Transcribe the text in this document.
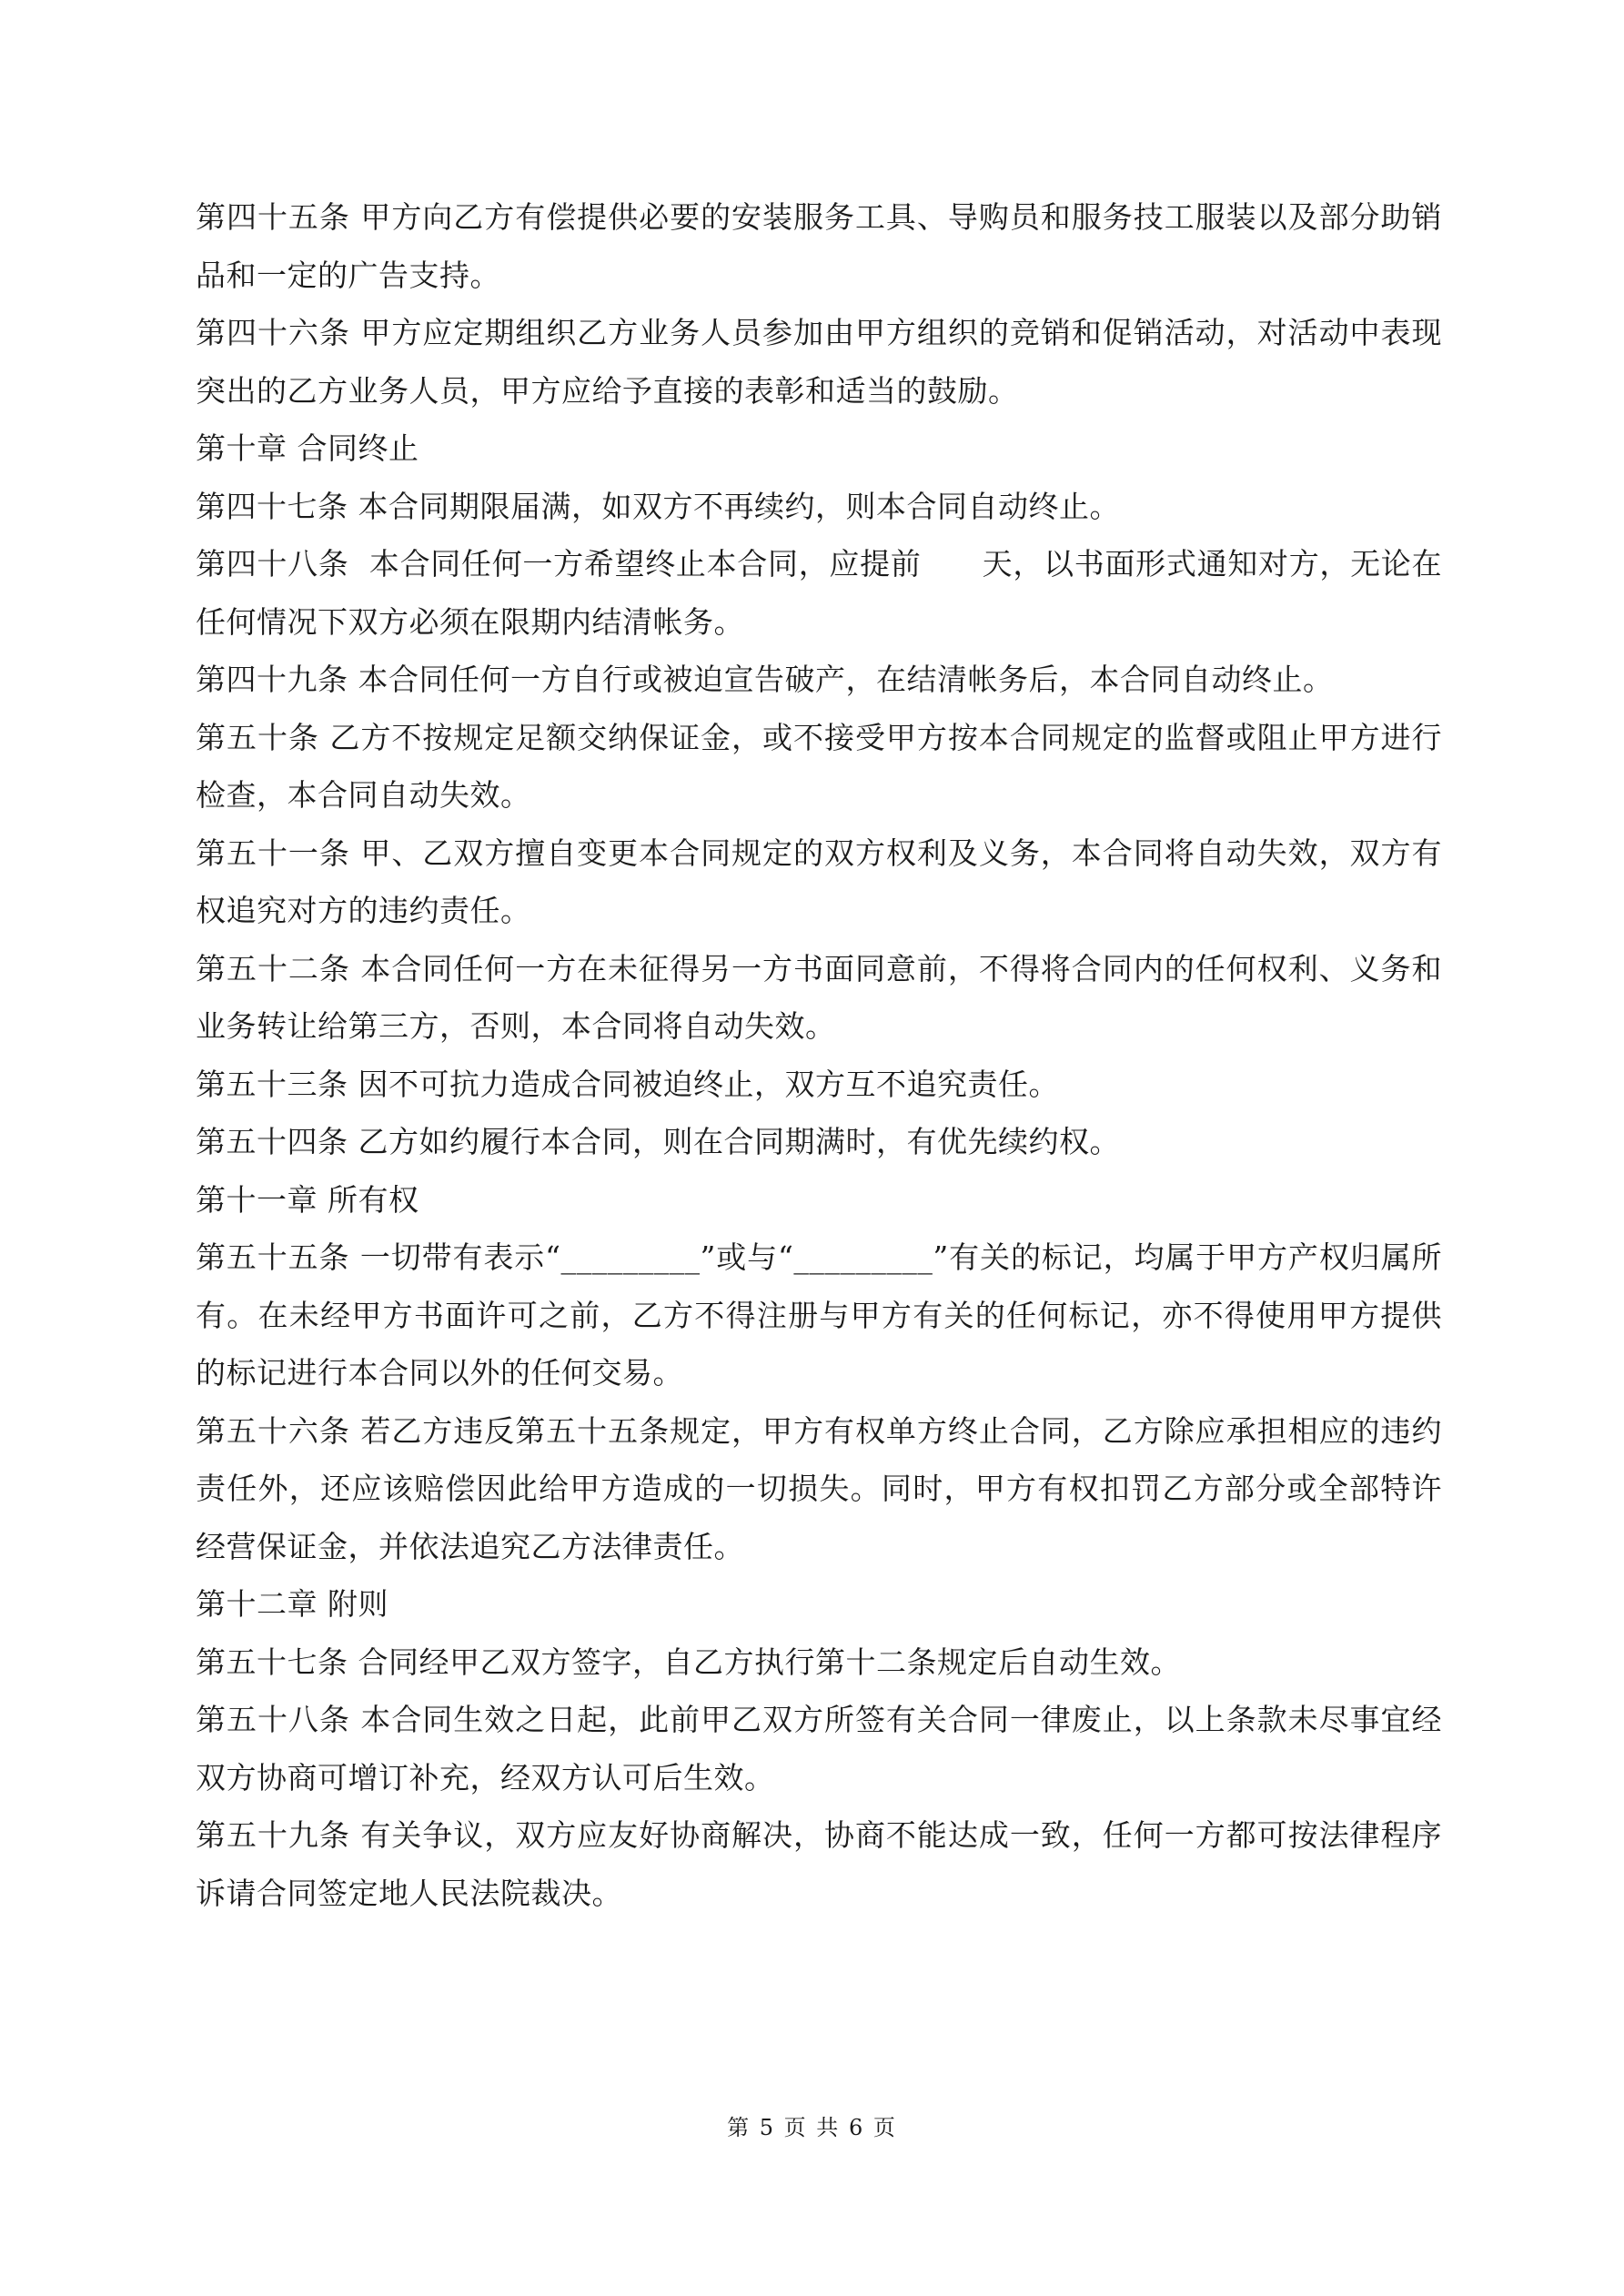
第四十五条 甲方向乙方有偿提供必要的安装服务工具、导购员和服务技工服装以及部分助销品和一定的广告支持。

第四十六条 甲方应定期组织乙方业务人员参加由甲方组织的竞销和促销活动，对活动中表现突出的乙方业务人员，甲方应给予直接的表彰和适当的鼓励。

第十章 合同终止

第四十七条 本合同期限届满，如双方不再续约，则本合同自动终止。

第四十八条  本合同任何一方希望终止本合同，应提前      天，以书面形式通知对方，无论在任何情况下双方必须在限期内结清帐务。

第四十九条 本合同任何一方自行或被迫宣告破产，在结清帐务后，本合同自动终止。

第五十条 乙方不按规定足额交纳保证金，或不接受甲方按本合同规定的监督或阻止甲方进行检查，本合同自动失效。

第五十一条 甲、乙双方擅自变更本合同规定的双方权利及义务，本合同将自动失效，双方有权追究对方的违约责任。

第五十二条 本合同任何一方在未征得另一方书面同意前，不得将合同内的任何权利、义务和业务转让给第三方，否则，本合同将自动失效。

第五十三条 因不可抗力造成合同被迫终止，双方互不追究责任。

第五十四条 乙方如约履行本合同，则在合同期满时，有优先续约权。

第十一章 所有权

第五十五条 一切带有表示“_________”或与“_________”有关的标记，均属于甲方产权归属所有。在未经甲方书面许可之前，乙方不得注册与甲方有关的任何标记，亦不得使用甲方提供的标记进行本合同以外的任何交易。

第五十六条 若乙方违反第五十五条规定，甲方有权单方终止合同，乙方除应承担相应的违约责任外，还应该赔偿因此给甲方造成的一切损失。同时，甲方有权扣罚乙方部分或全部特许经营保证金，并依法追究乙方法律责任。

第十二章 附则

第五十七条 合同经甲乙双方签字，自乙方执行第十二条规定后自动生效。

第五十八条 本合同生效之日起，此前甲乙双方所签有关合同一律废止，以上条款未尽事宜经双方协商可增订补充，经双方认可后生效。

第五十九条 有关争议，双方应友好协商解决，协商不能达成一致，任何一方都可按法律程序诉请合同签定地人民法院裁决。

第 5 页 共 6 页
